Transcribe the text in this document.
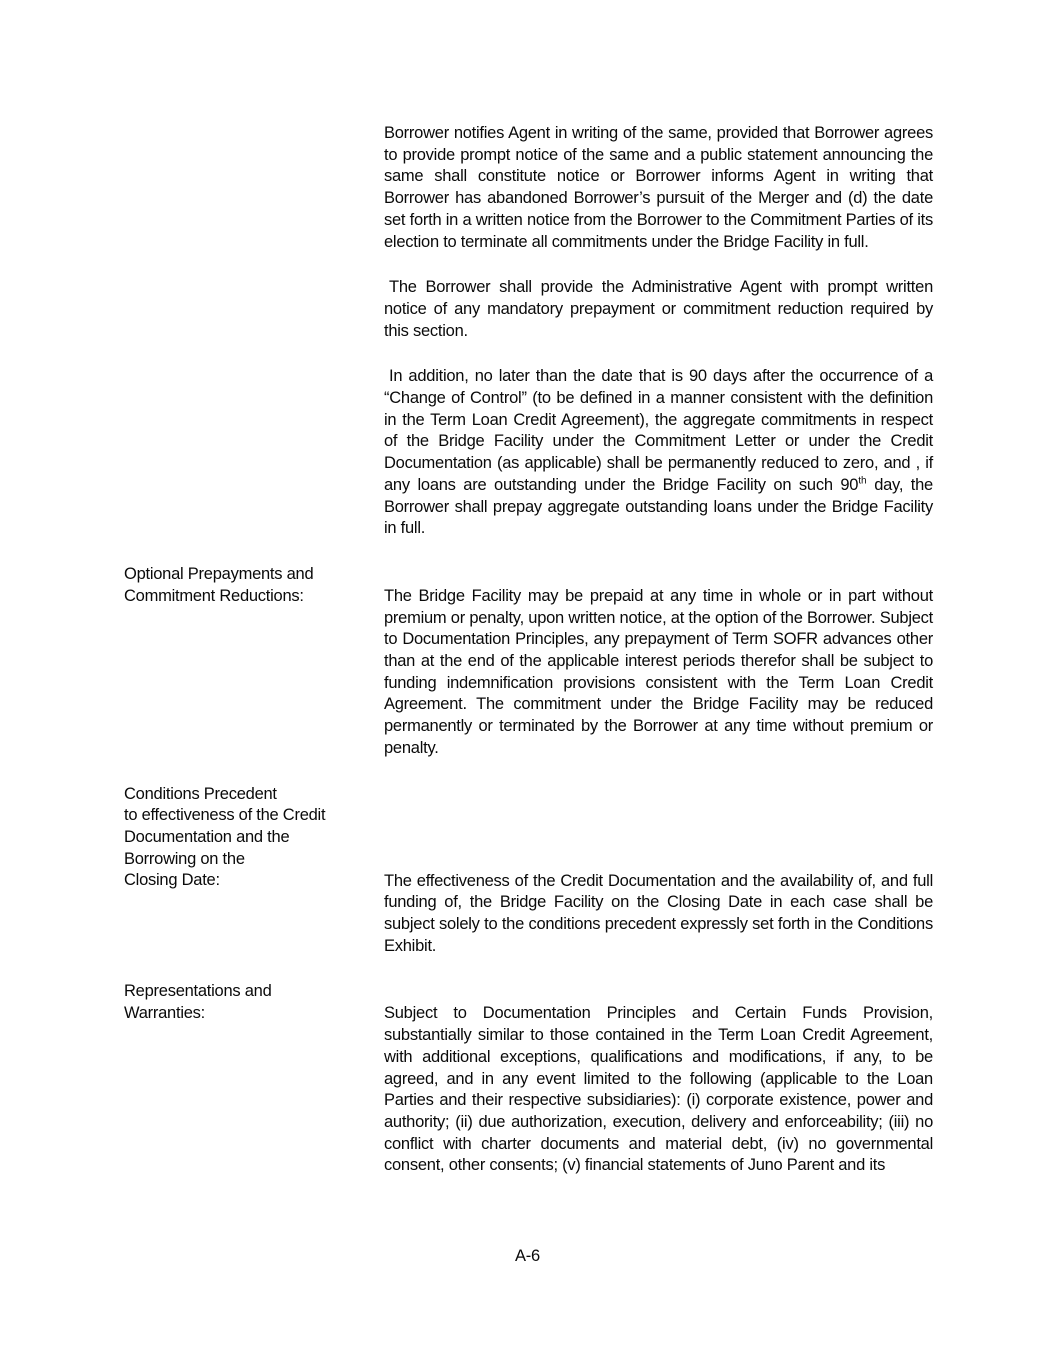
Borrower notifies Agent in writing of the same, provided that Borrower agrees to provide prompt notice of the same and a public statement announcing the same shall constitute notice or Borrower informs Agent in writing that Borrower has abandoned Borrower’s pursuit of the Merger and (d) the date set forth in a written notice from the Borrower to the Commitment Parties of its election to terminate all commitments under the Bridge Facility in full.

The Borrower shall provide the Administrative Agent with prompt written notice of any mandatory prepayment or commitment reduction required by this section.

In addition, no later than the date that is 90 days after the occurrence of a “Change of Control” (to be defined in a manner consistent with the definition in the Term Loan Credit Agreement), the aggregate commitments in respect of the Bridge Facility under the Commitment Letter or under the Credit Documentation (as applicable) shall be permanently reduced to zero, and , if any loans are outstanding under the Bridge Facility on such 90th day, the Borrower shall prepay aggregate outstanding loans under the Bridge Facility in full.

Optional Prepayments and
Commitment Reductions:	The Bridge Facility may be prepaid at any time in whole or in part without premium or penalty, upon written notice, at the option of the Borrower. Subject to Documentation Principles, any prepayment of Term SOFR advances other than at the end of the applicable interest periods therefor shall be subject to funding indemnification provisions consistent with the Term Loan Credit Agreement. The commitment under the Bridge Facility may be reduced permanently or terminated by the Borrower at any time without premium or penalty.

Conditions Precedent
to effectiveness of the Credit
Documentation and the
Borrowing on the
Closing Date:	The effectiveness of the Credit Documentation and the availability of, and full funding of, the Bridge Facility on the Closing Date in each case shall be subject solely to the conditions precedent expressly set forth in the Conditions Exhibit.

Representations and
Warranties:	Subject to Documentation Principles and Certain Funds Provision, substantially similar to those contained in the Term Loan Credit Agreement, with additional exceptions, qualifications and modifications, if any, to be agreed, and in any event limited to the following (applicable to the Loan Parties and their respective subsidiaries): (i) corporate existence, power and authority; (ii) due authorization, execution, delivery and enforceability; (iii) no conflict with charter documents and material debt, (iv) no governmental consent, other consents; (v) financial statements of Juno Parent and its

A-6
